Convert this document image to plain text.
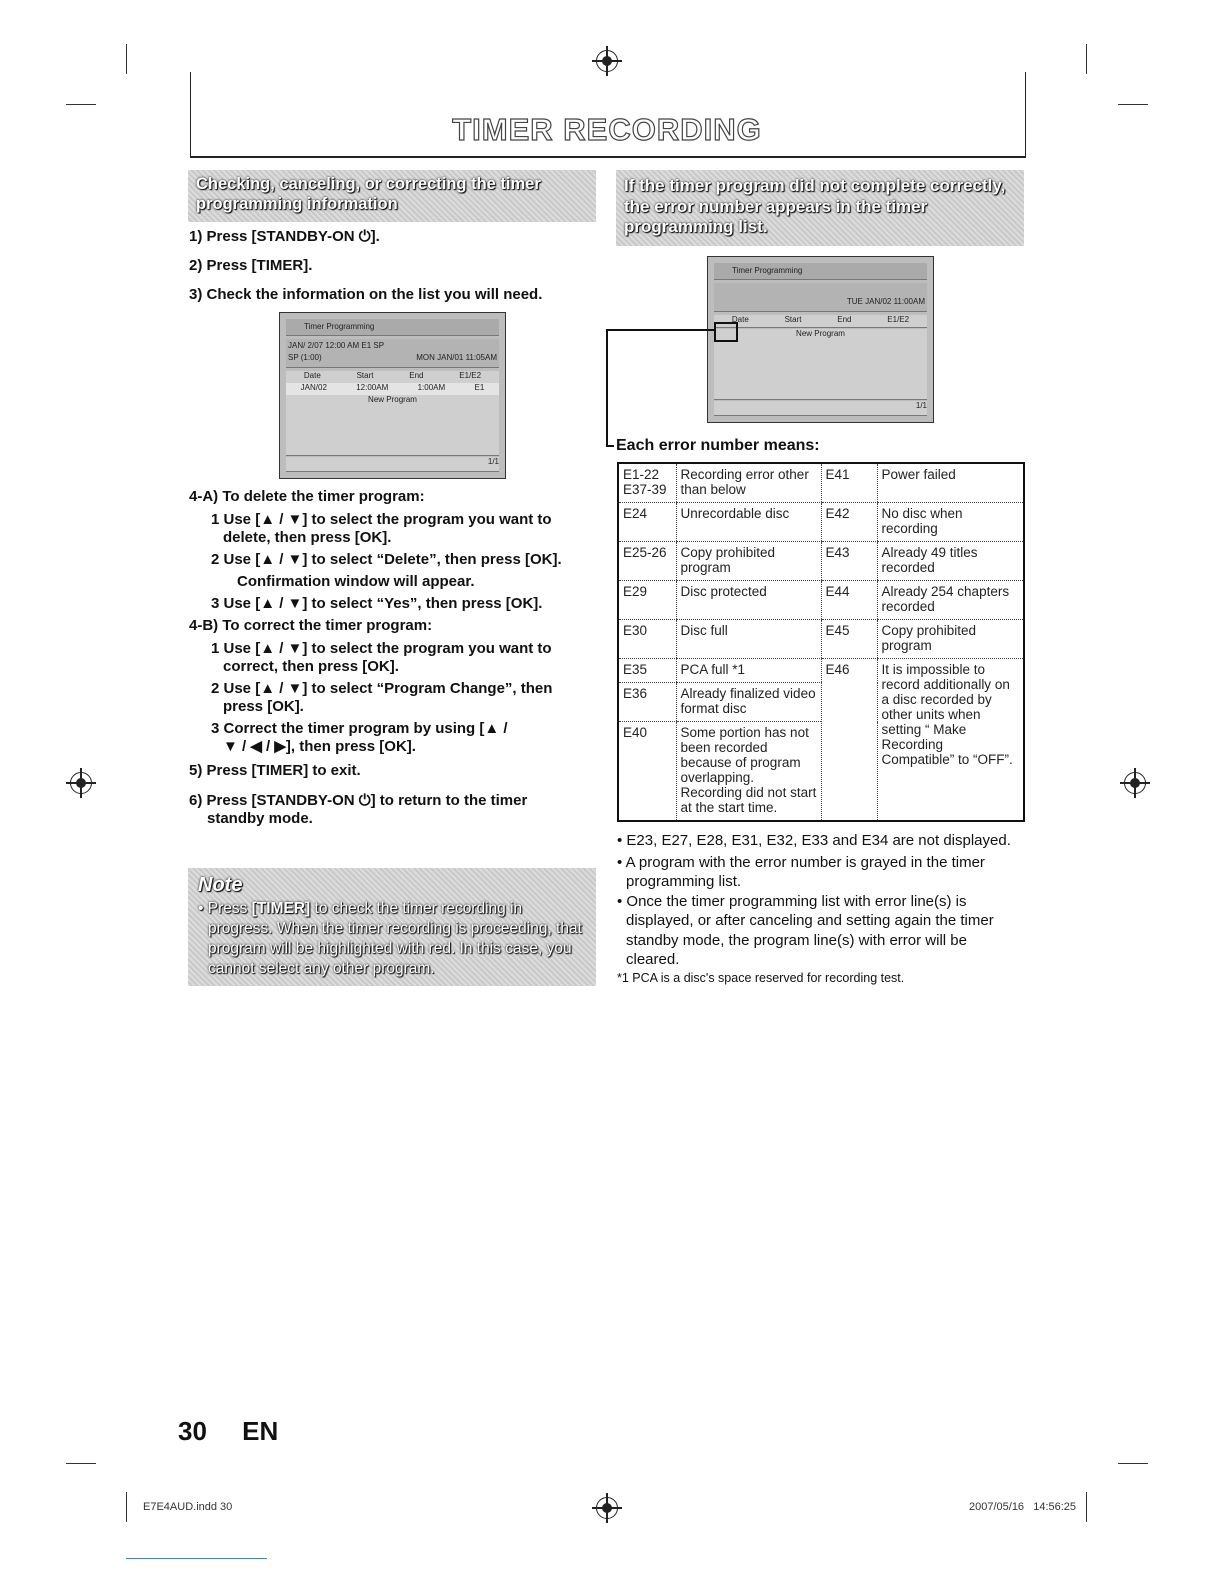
TIMER RECORDING
Checking, canceling, or correcting the timer programming information
1) Press [STANDBY-ON ⏻].
2) Press [TIMER].
3) Check the information on the list you will need.
Timer Programming
JAN/ 2/07 12:00 AM E1 SP
SP (1:00)	MON JAN/01 11:05AM
Date	Start	End	E1/E2
JAN/02	12:00AM	1:00AM	E1
New Program
1/1
4-A) To delete the timer program:
1 Use [▲ / ▼] to select the program you want to delete, then press [OK].
2 Use [▲ / ▼] to select “Delete”, then press [OK].
Confirmation window will appear.
3 Use [▲ / ▼] to select “Yes”, then press [OK].
4-B) To correct the timer program:
1 Use [▲ / ▼] to select the program you want to correct, then press [OK].
2 Use [▲ / ▼] to select “Program Change”, then press [OK].
3 Correct the timer program by using [▲ / ▼ / ◀ / ▶], then press [OK].
5) Press [TIMER] to exit.
6) Press [STANDBY-ON ⏻] to return to the timer standby mode.
Note
• Press [TIMER] to check the timer recording in progress. When the timer recording is proceeding, that program will be highlighted with red. In this case, you cannot select any other program.
If the timer program did not complete correctly, the error number appears in the timer programming list.
Timer Programming
TUE JAN/02 11:00AM
Date	Start	End	E1/E2
New Program
1/1
Each error number means:
E1-22
E37-39	Recording error other than below	E41	Power failed
E24	Unrecordable disc	E42	No disc when recording
E25-26	Copy prohibited program	E43	Already 49 titles recorded
E29	Disc protected	E44	Already 254 chapters recorded
E30	Disc full	E45	Copy prohibited program
E35	PCA full *1	E46	It is impossible to record additionally on a disc recorded by other units when setting “ Make Recording Compatible” to “OFF”.
E36	Already finalized video format disc		
E40	Some portion has not been recorded because of program overlapping. Recording did not start at the start time.		
• E23, E27, E28, E31, E32, E33 and E34 are not displayed.
• A program with the error number is grayed in the timer programming list.
• Once the timer programming list with error line(s) is displayed, or after canceling and setting again the timer standby mode, the program line(s) with error will be cleared.
*1 PCA is a disc's space reserved for recording test.
30 EN
E7E4AUD.indd 30	2007/05/16   14:56:25
